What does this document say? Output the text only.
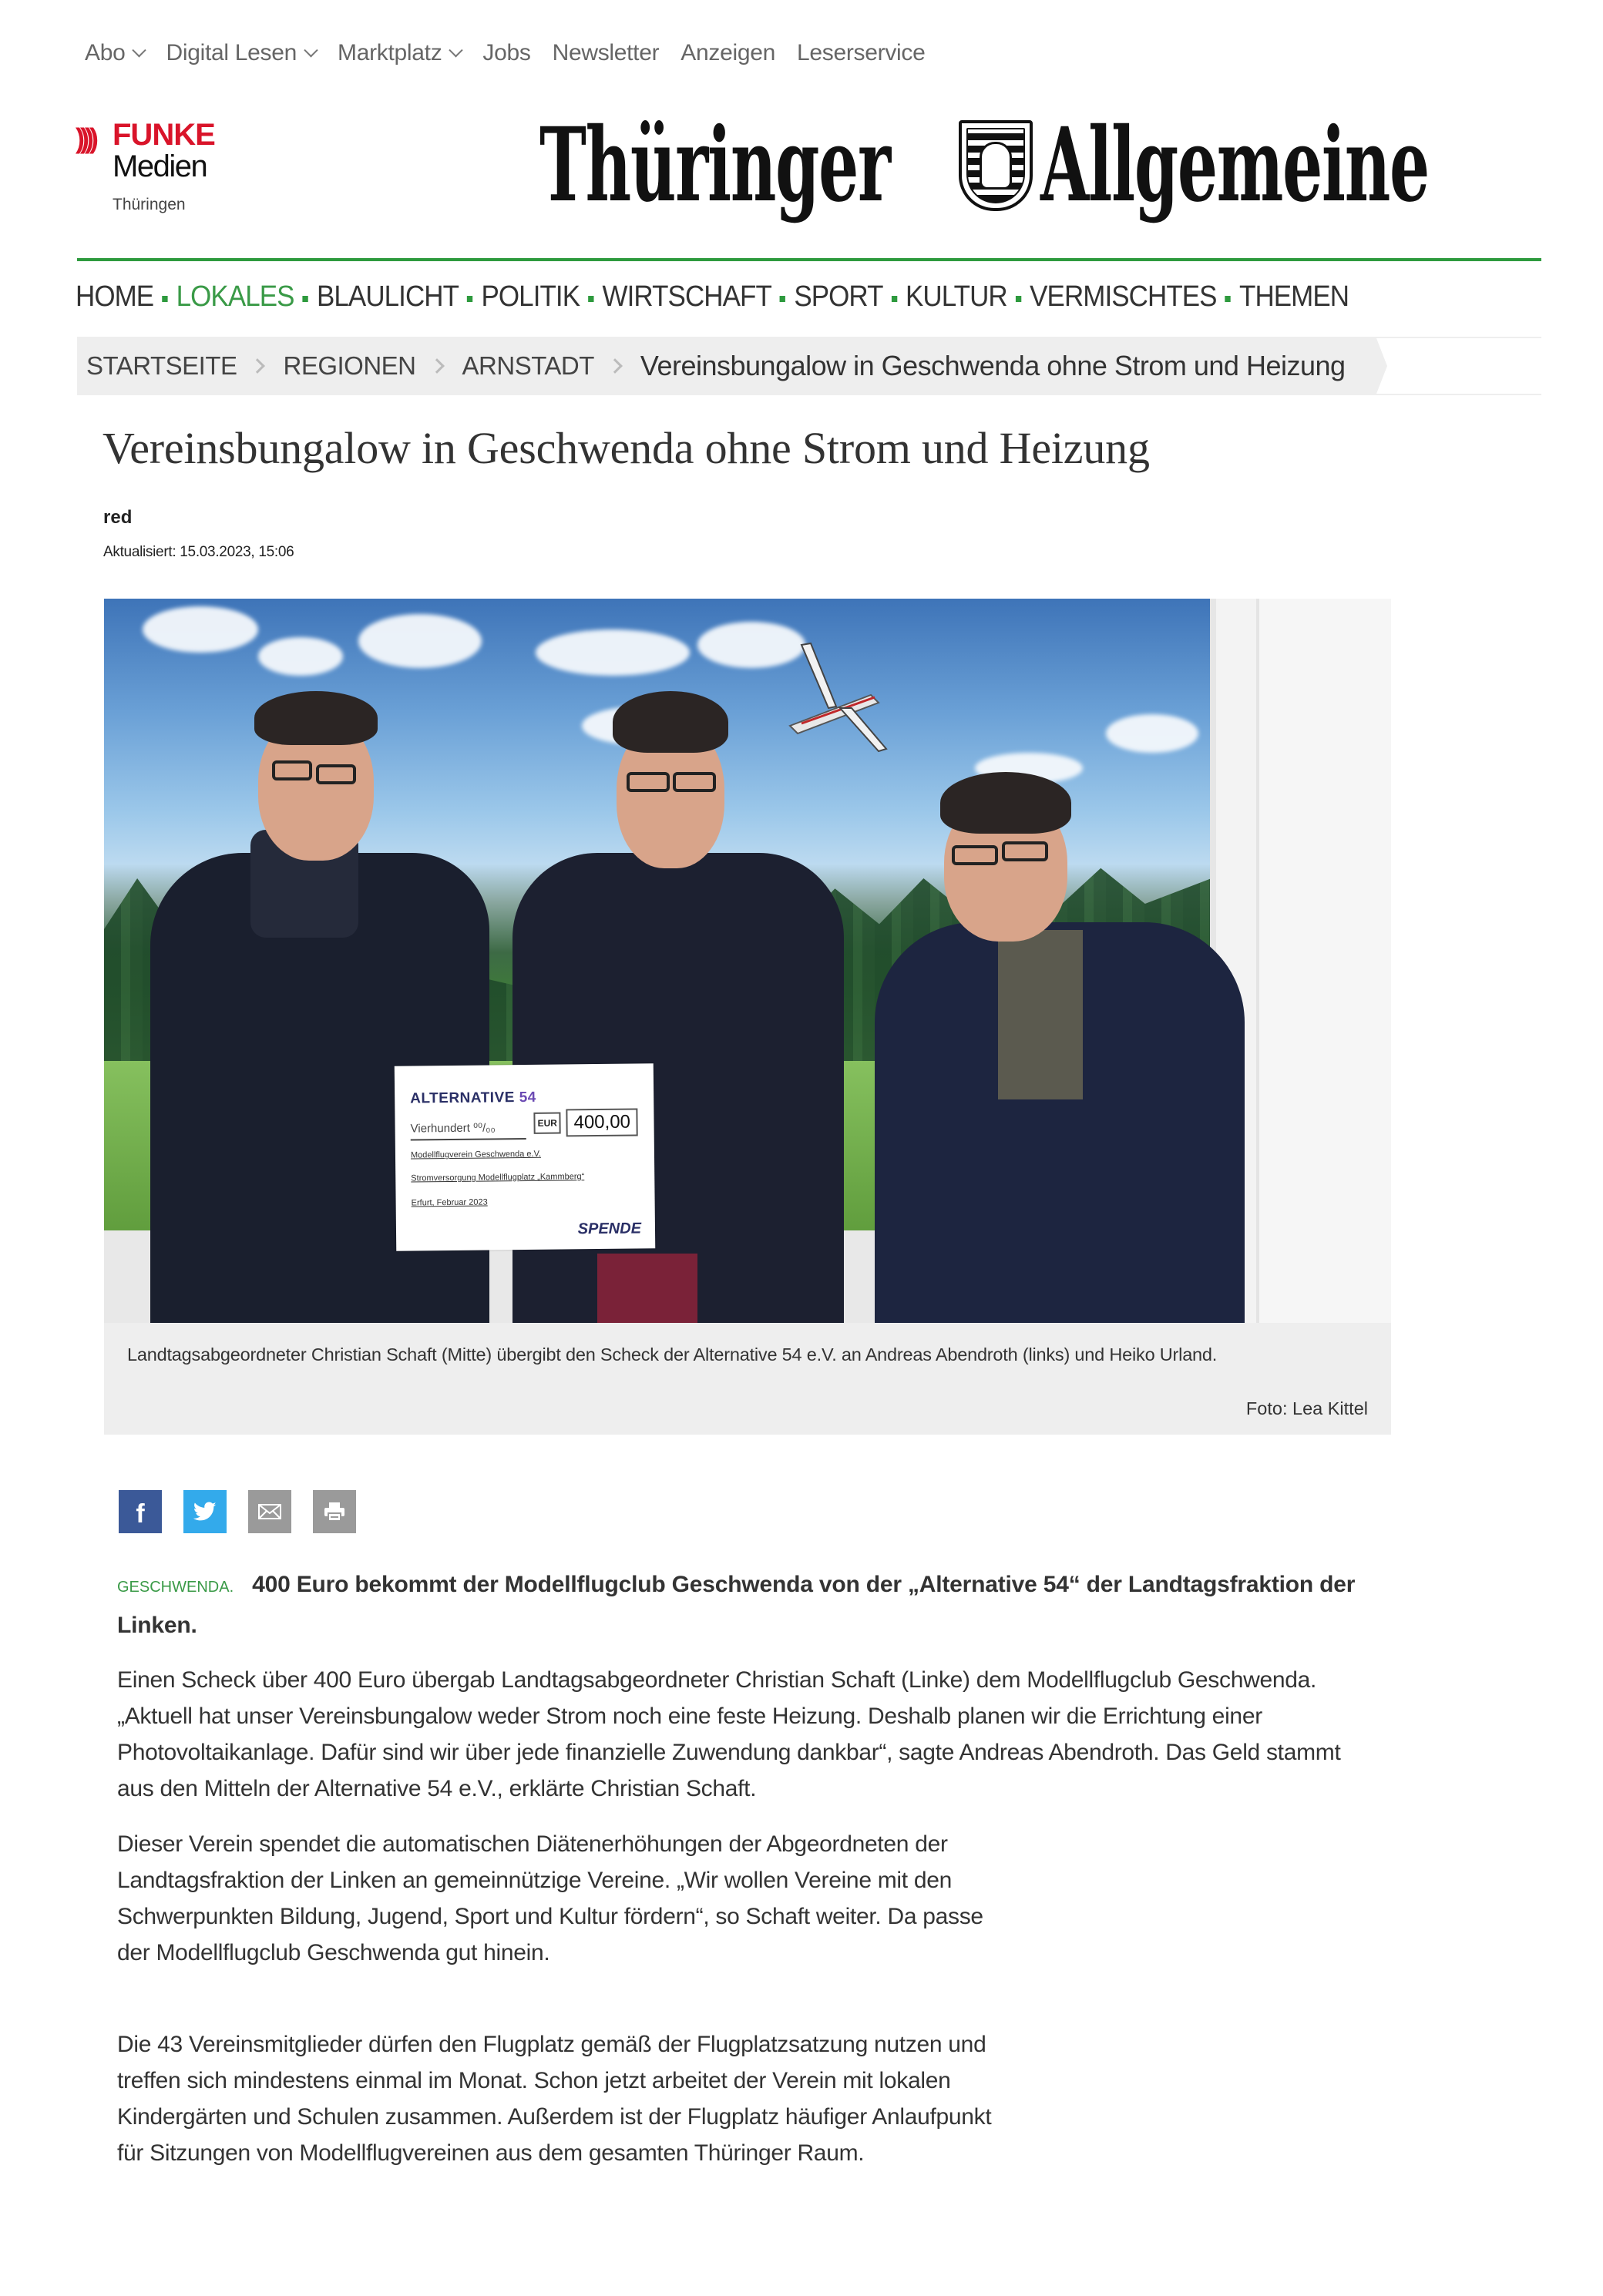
Abo Digital Lesen Marktplatz Jobs Newsletter Anzeigen Leserservice
)))) FUNKE
Medien
Thüringen	Thüringer Allgemeine
HOME LOKALES BLAULICHT POLITIK WIRTSCHAFT SPORT KULTUR VERMISCHTES THEMEN
STARTSEITE REGIONEN ARNSTADT Vereinsbungalow in Geschwenda ohne Strom und Heizung
Vereinsbungalow in Geschwenda ohne Strom und Heizung
red
Aktualisiert: 15.03.2023, 15:06
ALTERNATIVE 54
Vierhundert ⁰⁰/₀₀	EUR 400,00
Modellflugverein Geschwenda e.V.
Stromversorgung Modellflugplatz „Kammberg“
Erfurt, Februar 2023
SPENDE
Landtagsabgeordneter Christian Schaft (Mitte) übergibt den Scheck der Alternative 54 e.V. an Andreas Abendroth (links) und Heiko Urland.
Foto: Lea Kittel
f

GESCHWENDA. 400 Euro bekommt der Modellflugclub Geschwenda von der „Alternative 54“ der Landtagsfraktion der Linken.

Einen Scheck über 400 Euro übergab Landtagsabgeordneter Christian Schaft (Linke) dem Modellflugclub Geschwenda. „Aktuell hat unser Vereinsbungalow weder Strom noch eine feste Heizung. Deshalb planen wir die Errichtung einer Photovoltaikanlage. Dafür sind wir über jede finanzielle Zuwendung dankbar“, sagte Andreas Abendroth. Das Geld stammt aus den Mitteln der Alternative 54 e.V., erklärte Christian Schaft.

Dieser Verein spendet die automatischen Diätenerhöhungen der Abgeordneten der Landtagsfraktion der Linken an gemeinnützige Vereine. „Wir wollen Vereine mit den Schwerpunkten Bildung, Jugend, Sport und Kultur fördern“, so Schaft weiter. Da passe der Modellflugclub Geschwenda gut hinein.

Die 43 Vereinsmitglieder dürfen den Flugplatz gemäß der Flugplatzsatzung nutzen und treffen sich mindestens einmal im Monat. Schon jetzt arbeitet der Verein mit lokalen Kindergärten und Schulen zusammen. Außerdem ist der Flugplatz häufiger Anlaufpunkt für Sitzungen von Modellflugvereinen aus dem gesamten Thüringer Raum.
